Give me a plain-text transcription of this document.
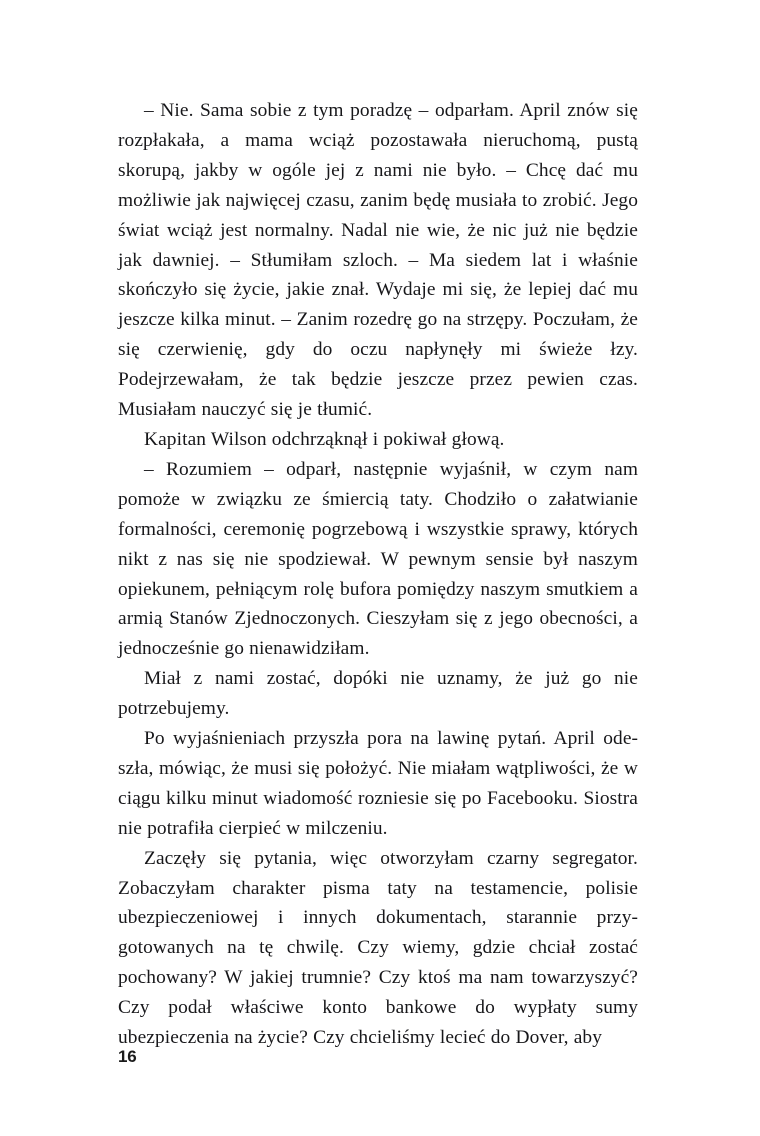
– Nie. Sama sobie z tym poradzę – odparłam. April znów się rozpłakała, a mama wciąż pozostawała nieruchomą, pustą skorupą, jakby w ogóle jej z nami nie było. – Chcę dać mu możliwie jak najwięcej czasu, zanim będę musiała to zrobić. Jego świat wciąż jest normalny. Nadal nie wie, że nic już nie będzie jak dawniej. – Stłumiłam szloch. – Ma siedem lat i właśnie skończyło się życie, jakie znał. Wydaje mi się, że lepiej dać mu jeszcze kilka minut. – Zanim rozedrę go na strzępy. Poczułam, że się czerwienię, gdy do oczu napłynęły mi świeże łzy. Podejrzewałam, że tak będzie jeszcze przez pewien czas. Musiałam nauczyć się je tłumić.

Kapitan Wilson odchrząknął i pokiwał głową.

– Rozumiem – odparł, następnie wyjaśnił, w czym nam pomoże w związku ze śmiercią taty. Chodziło o załatwianie formalności, ceremonię pogrzebową i wszystkie sprawy, których nikt z nas się nie spodziewał. W pewnym sensie był naszym opiekunem, pełniącym rolę bufora pomiędzy naszym smutkiem a armią Stanów Zjednoczonych. Cieszyłam się z jego obecności, a jednocześnie go nienawidziłam.

Miał z nami zostać, dopóki nie uznamy, że już go nie potrzebujemy.

Po wyjaśnieniach przyszła pora na lawinę pytań. April odeszła, mówiąc, że musi się położyć. Nie miałam wątpliwości, że w ciągu kilku minut wiadomość rozniesie się po Facebooku. Siostra nie potrafiła cierpieć w milczeniu.

Zaczęły się pytania, więc otworzyłam czarny segregator. Zobaczyłam charakter pisma taty na testamencie, polisie ubezpieczeniowej i innych dokumentach, starannie przygotowanych na tę chwilę. Czy wiemy, gdzie chciał zostać pochowany? W jakiej trumnie? Czy ktoś ma nam towarzyszyć? Czy podał właściwe konto bankowe do wypłaty sumy ubezpieczenia na życie? Czy chcieliśmy lecieć do Dover, aby

16
